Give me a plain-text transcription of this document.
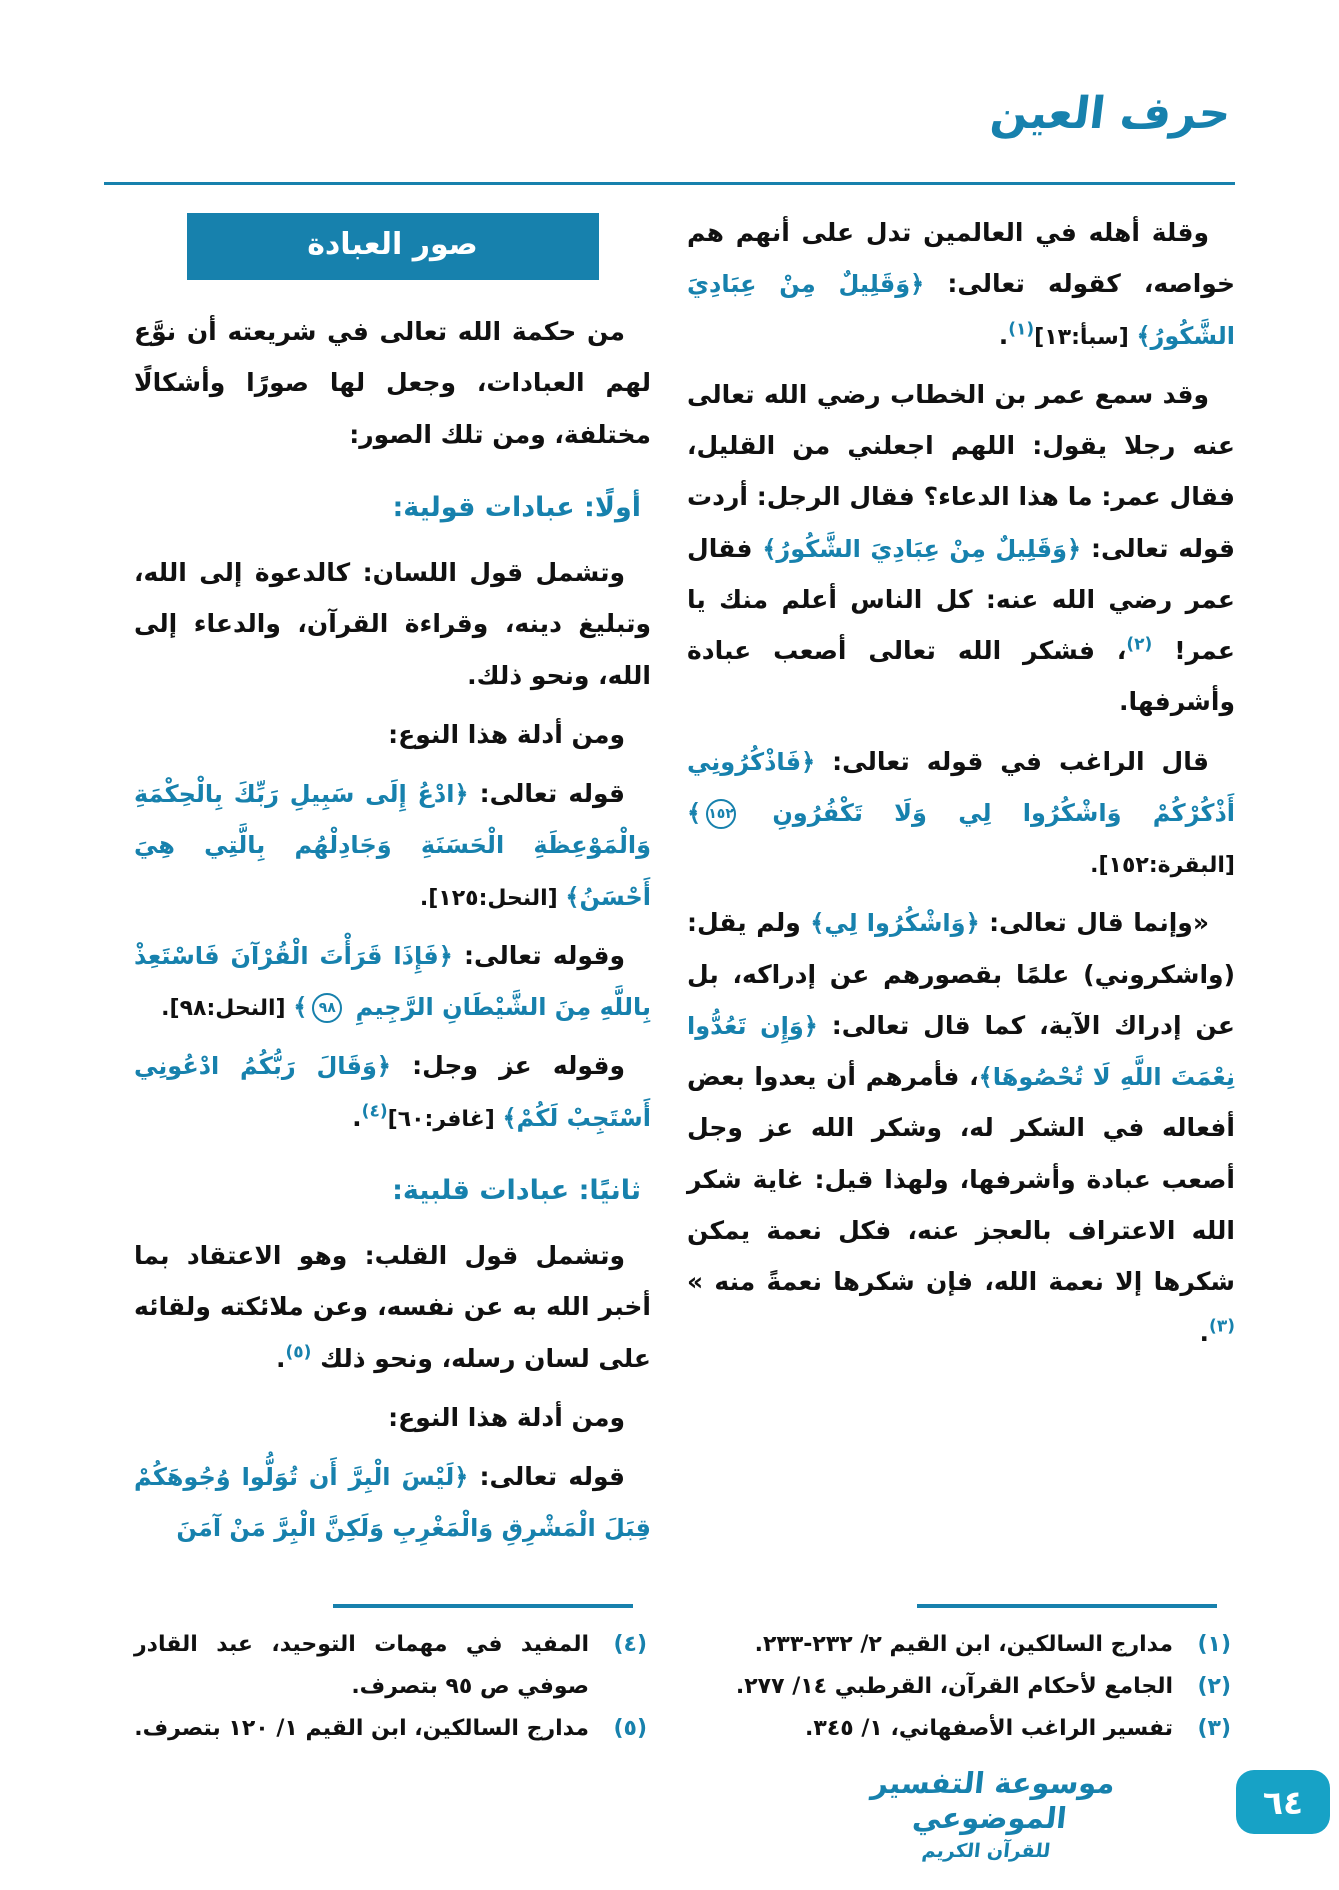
حرف العين

وقلة أهله في العالمين تدل على أنهم هم خواصه، كقوله تعالى: ﴿وَقَلِيلٌ مِنْ عِبَادِيَ الشَّكُورُ﴾ [سبأ:١٣]$^{(١)}$.

وقد سمع عمر بن الخطاب رضي الله تعالى عنه رجلا يقول: اللهم اجعلني من القليل، فقال عمر: ما هذا الدعاء؟ فقال الرجل: أردت قوله تعالى: ﴿وَقَلِيلٌ مِنْ عِبَادِيَ الشَّكُورُ﴾ فقال عمر رضي الله عنه: كل الناس أعلم منك يا عمر! $^{(٢)}$، فشكر الله تعالى أصعب عبادة وأشرفها.

قال الراغب في قوله تعالى: ﴿فَاذْكُرُونِي أَذْكُرْكُمْ وَاشْكُرُوا لِي وَلَا تَكْفُرُونِ ١٥٢﴾ [البقرة:١٥٢].

«وإنما قال تعالى: ﴿وَاشْكُرُوا لِي﴾ ولم يقل: (واشكروني) علمًا بقصورهم عن إدراكه، بل عن إدراك الآية، كما قال تعالى: ﴿وَإِن تَعُدُّوا نِعْمَتَ اللَّهِ لَا تُحْصُوهَا﴾، فأمرهم أن يعدوا بعض أفعاله في الشكر له، وشكر الله عز وجل أصعب عبادة وأشرفها، ولهذا قيل: غاية شكر الله الاعتراف بالعجز عنه، فكل نعمة يمكن شكرها إلا نعمة الله، فإن شكرها نعمةً منه » $^{(٣)}$.

صور العبادة

من حكمة الله تعالى في شريعته أن نوَّع لهم العبادات، وجعل لها صورًا وأشكالًا مختلفة، ومن تلك الصور:

أولًا: عبادات قولية:

وتشمل قول اللسان: كالدعوة إلى الله، وتبليغ دينه، وقراءة القرآن، والدعاء إلى الله، ونحو ذلك.

ومن أدلة هذا النوع:

قوله تعالى: ﴿ادْعُ إِلَى سَبِيلِ رَبِّكَ بِالْحِكْمَةِ وَالْمَوْعِظَةِ الْحَسَنَةِ وَجَادِلْهُم بِالَّتِي هِيَ أَحْسَنُ﴾ [النحل:١٢٥].

وقوله تعالى: ﴿فَإِذَا قَرَأْتَ الْقُرْآنَ فَاسْتَعِذْ بِاللَّهِ مِنَ الشَّيْطَانِ الرَّجِيمِ ٩٨﴾ [النحل:٩٨].

وقوله عز وجل: ﴿وَقَالَ رَبُّكُمُ ادْعُونِي أَسْتَجِبْ لَكُمْ﴾ [غافر:٦٠]$^{(٤)}$.

ثانيًا: عبادات قلبية:

وتشمل قول القلب: وهو الاعتقاد بما أخبر الله به عن نفسه، وعن ملائكته ولقائه على لسان رسله، ونحو ذلك $^{(٥)}$.

ومن أدلة هذا النوع:

قوله تعالى: ﴿لَيْسَ الْبِرَّ أَن تُوَلُّوا وُجُوهَكُمْ قِبَلَ الْمَشْرِقِ وَالْمَغْرِبِ وَلَكِنَّ الْبِرَّ مَنْ آمَنَ

(١)
مدارج السالكين، ابن القيم ٢/ ٢٣٢-٢٣٣.
(٢)
الجامع لأحكام القرآن، القرطبي ١٤/ ٢٧٧.
(٣)
تفسير الراغب الأصفهاني، ١/ ٣٤٥.
(٤)
المفيد في مهمات التوحيد، عبد القادر صوفي ص ٩٥ بتصرف.
(٥)
مدارج السالكين، ابن القيم ١/ ١٢٠ بتصرف.
موسوعة التفسير الموضوعي
للقرآن الكريم
٦٤
